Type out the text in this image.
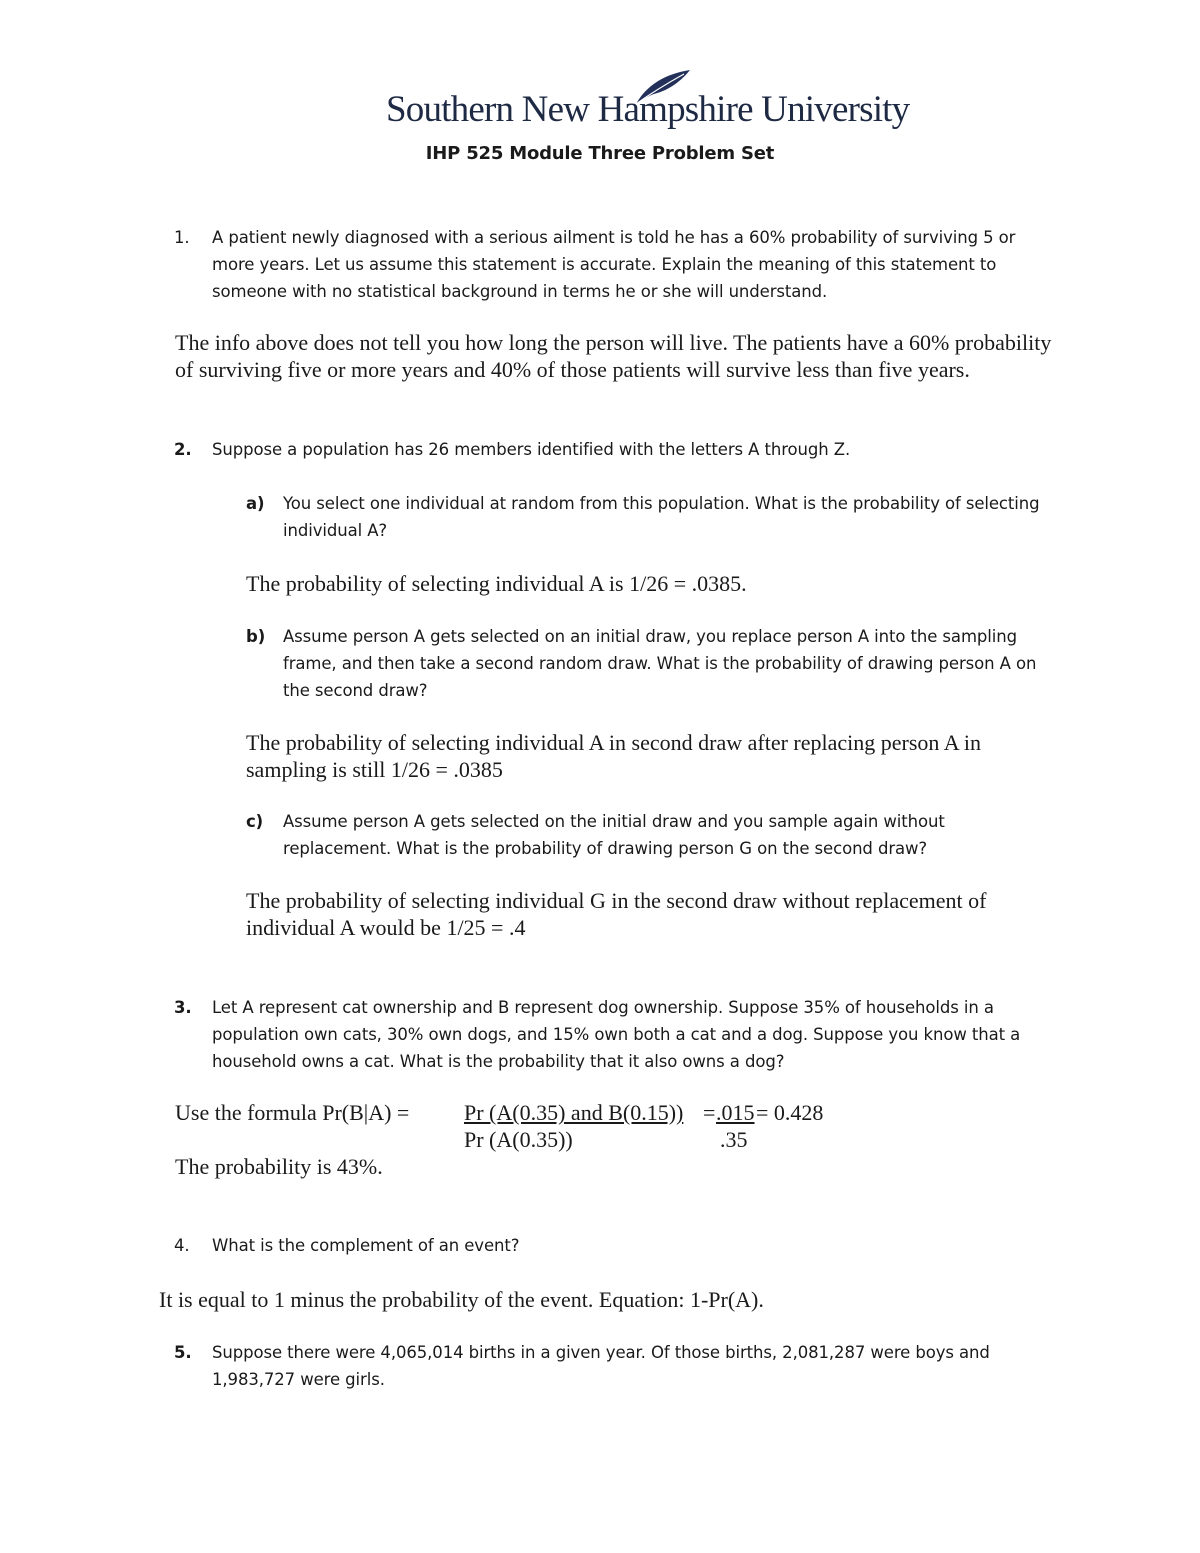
Southern New Hampshire University
IHP 525 Module Three Problem Set
1.	A patient newly diagnosed with a serious ailment is told he has a 60% probability of surviving 5 or more years. Let us assume this statement is accurate. Explain the meaning of this statement to someone with no statistical background in terms he or she will understand.
The info above does not tell you how long the person will live. The patients have a 60% probability of surviving five or more years and 40% of those patients will survive less than five years.
2.	Suppose a population has 26 members identified with the letters A through Z.
a)	You select one individual at random from this population. What is the probability of selecting individual A?
The probability of selecting individual A is 1/26 = .0385.
b)	Assume person A gets selected on an initial draw, you replace person A into the sampling frame, and then take a second random draw. What is the probability of drawing person A on the second draw?
The probability of selecting individual A in second draw after replacing person A in sampling is still 1/26 = .0385
c)	Assume person A gets selected on the initial draw and you sample again without replacement. What is the probability of drawing person G on the second draw?
The probability of selecting individual G in the second draw without replacement of individual A would be 1/25 = .4
3.	Let A represent cat ownership and B represent dog ownership. Suppose 35% of households in a population own cats, 30% own dogs, and 15% own both a cat and a dog. Suppose you know that a household owns a cat. What is the probability that it also owns a dog?
Use the formula Pr(B|A) = Pr (A(0.35) and B(0.15)) = .015 = 0.428
Pr (A(0.35))	.35
The probability is 43%.
4.	What is the complement of an event?
It is equal to 1 minus the probability of the event. Equation: 1-Pr(A).
5.	Suppose there were 4,065,014 births in a given year. Of those births, 2,081,287 were boys and 1,983,727 were girls.
